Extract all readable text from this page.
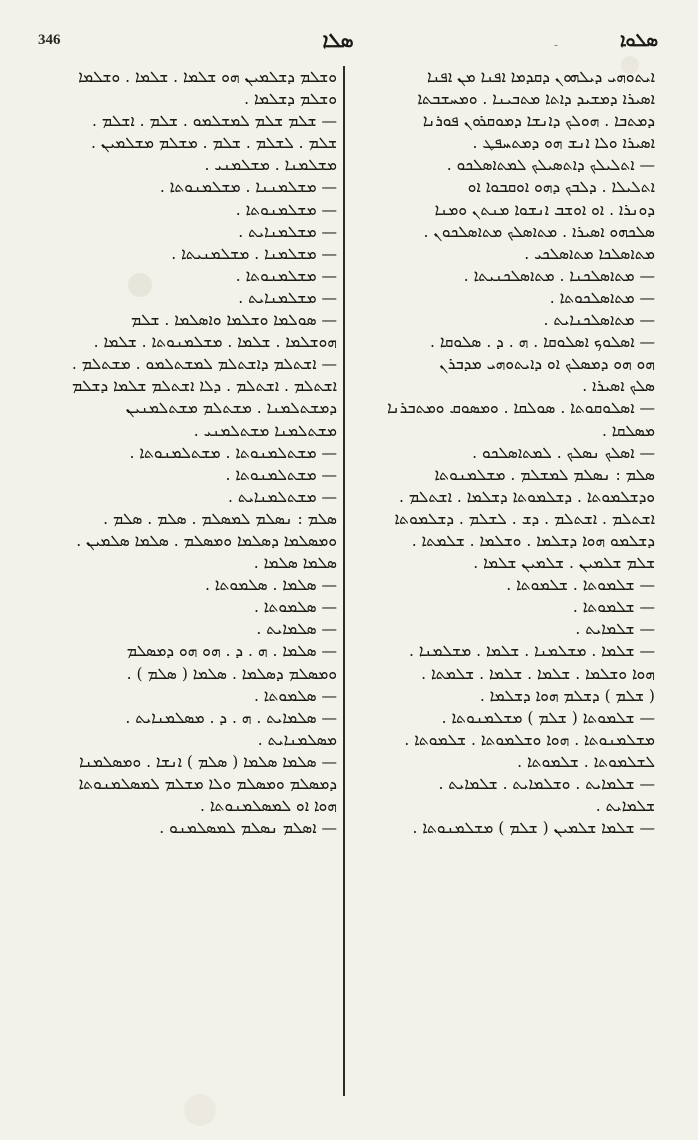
346	ܣܠܐ	-	ܣܠܘܐ
ܐܝܬܘܗܝ ܕܝܠܗܘܢ ܕܩܕܡܐ ܐܦܢܐ ܡܢ ܐܦܢܐ
ܐܣܝܪܐ ܕܡܫܝܕ ܕܐܬܐ ܡܬܒܝܢܐ . ܘܡܚܫܒܬܐ
ܕܡܬܒܐ . ܗܘܠܟ ܕܐܢܫܐ ܕܡܘܩܪܘܢ ܦܘܪܢܐ
ܐܣܝܪܐ ܘܠܐ ܐܢܫ ܗܘ ܕܡܬܚܦܛ .
— ܐܬܠܝܠܟ ܕܐܬܣܝܠܟ ܠܡܬܐܣܠܟܘ .
ܐܬܠܝܠܐ . ܕܠܒܟ ܕܗܘ ܐܘܩܒܘܐ ܐܘ
ܕܘܢܪܐ . ܐܘ ܐܘܫܒ ܐܢܫܘܐ ܡܢܬܢ ܘܡܢܐ
ܣܠܟܗܘ ܐܣܝܪܐ . ܡܬܐܣܠܟ ܡܬܐܣܠܟܘܢ .
ܡܬܐܣܠܟܐ ܡܬܐܣܠܟܝ .
— ܡܬܐܣܠܟܢܐ . ܡܬܐܣܠܟܢܝܬܐ .
— ܡܬܐܣܠܟܘܬܐ .
— ܡܬܐܣܠܟܢܐܝܬ .
— ܐܣܠܘܟ ܐܣܠܘܩܐ . ܗ . ܕ . ܣܠܘܩܐ .
ܗܘ ܗܘ ܕܡܣܠܟ ܐܘ ܕܐܝܬܘܗܝ ܡܕܒܪܢ
ܣܠܟ ܐܣܝܪܐ .
— ܐܣܠܘܩܘܬܐ . ܣܘܠܩܐ . ܘܡܣܘܩ ܘܡܬܒܪܢܐ
ܡܣܠܩܐ .
— ܐܣܠܟ ܢܣܠܟ . ܠܡܬܐܣܠܟܘ .
ܣܠܡ : ܢܣܠܡ ܠܡܫܠܡ . ܡܫܠܡܢܘܬܐ
ܘܕܫܠܡܘܬܐ . ܕܫܠܡܘܬܐ ܕܫܠܡܐ . ܐܫܬܠܡ .
ܐܫܬܠܡ . ܐܫܬܠܡ . ܕܫ . ܠܫܠܡ . ܕܫܠܡܘܬܐ
ܕܫܠܡܘ ܗܘܐ ܕܫܠܡܐ . ܘܫܠܡܐ . ܫܠܡܬܐ .
ܫܠܡ ܫܠܡܝܢ . ܫܠܡܝܢ ܫܠܡܐ .
— ܫܠܡܘܬܐ . ܫܠܡܘܬܐ .
— ܫܠܡܘܬܐ .
— ܫܠܡܐܝܬ .
— ܫܠܡܐ . ܡܫܠܡܢܐ . ܫܠܡܐ . ܡܫܠܡܢܐ .
ܗܘܐ ܘܫܠܡܐ . ܫܠܡܐ . ܫܠܡܐ . ܫܠܡܬܐ .
( ܫܠܡ ) ܕܫܠܡ ܗܘܐ ܕܫܠܡܐ .
— ܫܠܡܘܬܐ ( ܫܠܡ ) ܡܫܠܡܢܘܬܐ .
ܡܫܠܡܢܘܬܐ . ܗܘܐ ܘܫܠܡܘܬܐ . ܫܠܡܘܬܐ .
ܠܫܠܡܘܬܐ . ܫܠܡܘܬܐ .
— ܫܠܡܐܝܬ . ܘܫܠܡܐܝܬ . ܫܠܡܐܝܬ .
ܫܠܡܐܝܬ .
— ܫܠܡܐ ܫܠܡܝܢ ( ܫܠܡ ) ܡܫܠܡܢܘܬܐ .
ܘܫܠܡ ܕܫܠܡܝܢ ܗܘ ܫܠܡܐ . ܫܠܡܐ . ܘܫܠܡܐ
ܘܫܠܡ ܕܫܠܡܐ .
— ܫܠܡ ܫܠܡ ܠܡܫܠܡܘ . ܫܠܡ . ܐܫܠܡ .
ܫܠܡ . ܠܫܠܡ . ܫܠܡ . ܡܫܠܡ ܡܫܠܡܝܢ .
ܡܫܠܡܢܐ . ܡܫܠܡܢܝ .
— ܡܫܠܡܢܢܐ . ܡܫܠܡܢܘܬܐ .
— ܡܫܠܡܢܘܬܐ .
— ܡܫܠܡܢܐܝܬ .
— ܡܫܠܡܢܐ . ܡܫܠܡܢܝܬܐ .
— ܡܫܠܡܢܘܬܐ .
— ܡܫܠܡܢܐܝܬ .
— ܣܘܠܡܐ ܘܫܠܡܐ ܘܐܣܠܡܐ . ܫܠܡ
ܗܘܫܠܡܐ . ܫܠܡܐ . ܡܫܠܡܢܘܬܐ . ܫܠܡܐ .
— ܐܫܬܠܡ ܕܐܫܬܠܡ ܠܡܫܬܠܡܘ . ܡܫܬܠܡ .
ܐܫܬܠܡ . ܐܫܬܠܡ . ܕܠܐ ܐܫܬܠܡ ܫܠܡܐ ܕܫܠܡ
ܕܡܫܬܠܡܢܐ . ܡܫܬܠܡ ܡܫܬܠܡܢܝܢ
ܡܫܬܠܡܢܐ ܡܫܬܠܡܢܝ .
— ܡܫܬܠܡܢܘܬܐ . ܡܫܬܠܡܢܘܬܐ .
— ܡܫܬܠܡܢܘܬܐ .
— ܡܫܬܠܡܢܐܝܬ .
ܣܠܡ : ܢܣܠܡ ܠܡܣܠܡ . ܣܠܡ . ܣܠܡ .
ܘܡܣܠܡܐ ܕܣܠܡܐ ܘܡܣܠܡ . ܣܠܡܐ ܣܠܡܝܢ .
ܣܠܡܐ ܣܠܡܐ .
— ܣܠܡܐ . ܣܠܡܘܬܐ .
— ܣܠܡܘܬܐ .
— ܣܠܡܐܝܬ .
— ܣܠܡܐ . ܗ . ܕ . ܗܘ ܗܘ ܕܡܣܠܡ
ܘܡܣܠܡ ܕܣܠܡܐ . ܣܠܡܐ ( ܣܠܡ ) .
— ܣܠܡܘܬܐ .
— ܣܠܡܐܝܬ . ܗ . ܕ . ܡܣܠܡܢܐܝܬ .
ܡܣܠܡܢܐܝܬ .
— ܣܠܡܐ ܣܠܡܐ ( ܣܠܡ ) ܐܢܫܐ . ܘܡܣܠܡܢܐ
ܕܡܣܠܡ ܘܡܣܠܡ ܘܠܐ ܡܫܠܡ ܠܡܣܠܡܢܘܬܐ
ܗܘܐ ܐܘ ܠܡܣܠܡܢܘܬܐ .
— ܐܣܠܡ ܢܣܠܡ ܠܡܣܠܡܢܘ .
